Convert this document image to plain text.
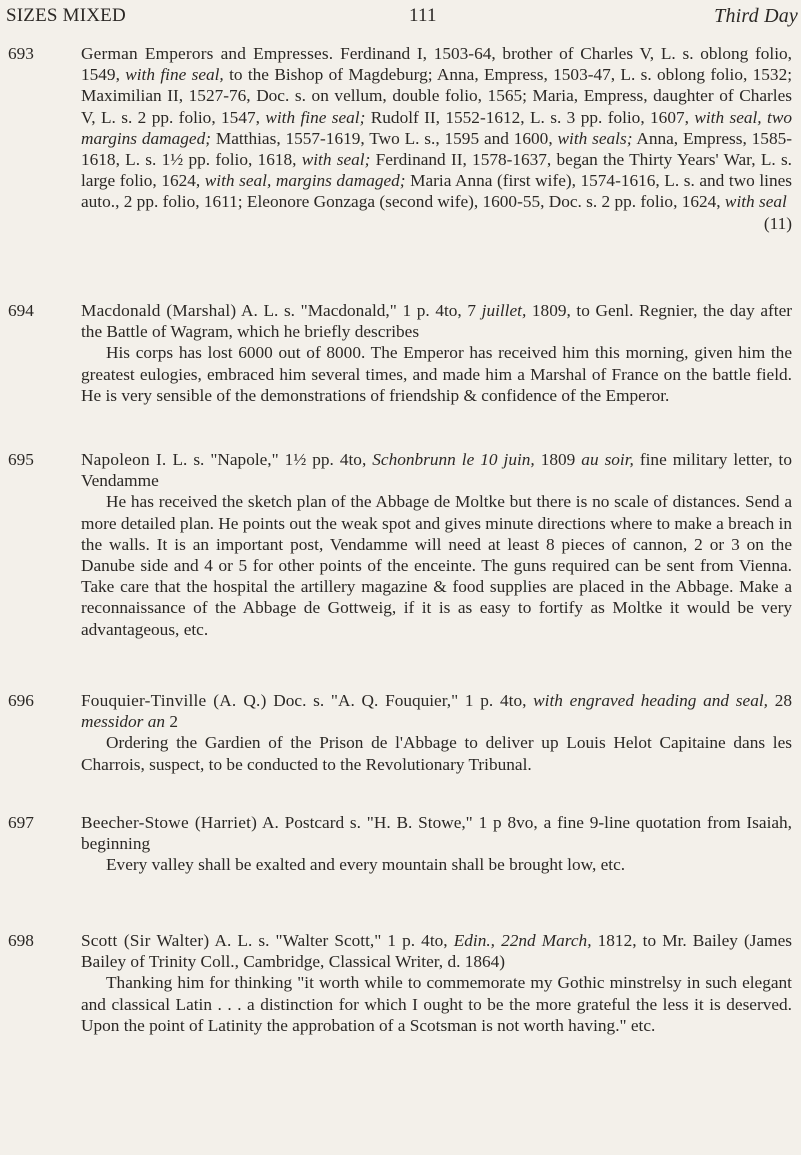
SIZES MIXED	111	Third Day
693	German Emperors and Empresses. Ferdinand I, 1503-64, brother of Charles V, L. s. oblong folio, 1549, with fine seal, to the Bishop of Magdeburg; Anna, Empress, 1503-47, L. s. oblong folio, 1532; Maximilian II, 1527-76, Doc. s. on vellum, double folio, 1565; Maria, Empress, daughter of Charles V, L. s. 2 pp. folio, 1547, with fine seal; Rudolf II, 1552-1612, L. s. 3 pp. folio, 1607, with seal, two margins damaged; Matthias, 1557-1619, Two L. s., 1595 and 1600, with seals; Anna, Empress, 1585-1618, L. s. 1½ pp. folio, 1618, with seal; Ferdinand II, 1578-1637, began the Thirty Years' War, L. s. large folio, 1624, with seal, margins damaged; Maria Anna (first wife), 1574-1616, L. s. and two lines auto., 2 pp. folio, 1611; Eleonore Gonzaga (second wife), 1600-55, Doc. s. 2 pp. folio, 1624, with seal
(11)

694	Macdonald (Marshal) A. L. s. "Macdonald," 1 p. 4to, 7 juillet, 1809, to Genl. Regnier, the day after the Battle of Wagram, which he briefly describes

His corps has lost 6000 out of 8000. The Emperor has received him this morning, given him the greatest eulogies, embraced him several times, and made him a Marshal of France on the battle field. He is very sensible of the demonstrations of friendship & confidence of the Emperor.

695	Napoleon I. L. s. "Napole," 1½ pp. 4to, Schonbrunn le 10 juin, 1809 au soir, fine military letter, to Vendamme

He has received the sketch plan of the Abbage de Moltke but there is no scale of distances. Send a more detailed plan. He points out the weak spot and gives minute directions where to make a breach in the walls. It is an important post, Vendamme will need at least 8 pieces of cannon, 2 or 3 on the Danube side and 4 or 5 for other points of the enceinte. The guns required can be sent from Vienna. Take care that the hospital the artillery magazine & food supplies are placed in the Abbage. Make a reconnaissance of the Abbage de Gottweig, if it is as easy to fortify as Moltke it would be very advantageous, etc.

696	Fouquier-Tinville (A. Q.) Doc. s. "A. Q. Fouquier," 1 p. 4to, with engraved heading and seal, 28 messidor an 2

Ordering the Gardien of the Prison de l'Abbage to deliver up Louis Helot Capitaine dans les Charrois, suspect, to be conducted to the Revolutionary Tribunal.

697	Beecher-Stowe (Harriet) A. Postcard s. "H. B. Stowe," 1 p 8vo, a fine 9-line quotation from Isaiah, beginning

Every valley shall be exalted and every mountain shall be brought low, etc.

698	Scott (Sir Walter) A. L. s. "Walter Scott," 1 p. 4to, Edin., 22nd March, 1812, to Mr. Bailey (James Bailey of Trinity Coll., Cambridge, Classical Writer, d. 1864)

Thanking him for thinking "it worth while to commemorate my Gothic minstrelsy in such elegant and classical Latin . . . a distinction for which I ought to be the more grateful the less it is deserved. Upon the point of Latinity the approbation of a Scotsman is not worth having." etc.
